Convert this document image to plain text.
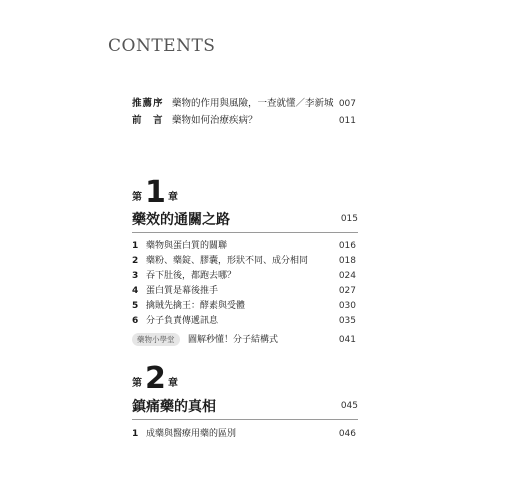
CONTENTS
推薦序 藥物的作用與風險，一查就懂／李新城 007
前　言 藥物如何治療疾病？	011
第 1 章
藥效的通關之路	015
1 藥物與蛋白質的關聯	016
2 藥粉、藥錠、膠囊，形狀不同、成分相同	018
3 吞下肚後，都跑去哪？	024
4 蛋白質是幕後推手	027
5 擒賊先擒王：酵素與受體	030
6 分子負責傳遞訊息	035
藥物小學堂	圖解秒懂！分子結構式	041
第 2 章
鎮痛藥的真相	045
1 成藥與醫療用藥的區別	046
